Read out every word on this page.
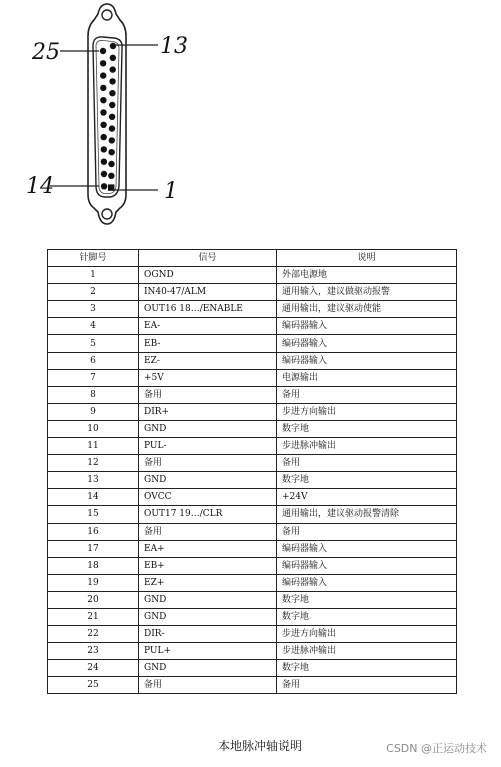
25	13
14	1
针脚号	信号	说明
1	OGND	外部电源地
2	IN40-47/ALM	通用输入，建议做驱动报警
3	OUT16 18…/ENABLE	通用输出，建议驱动使能
4	EA-	编码器输入
5	EB-	编码器输入
6	EZ-	编码器输入
7	+5V	电源输出
8	备用	备用
9	DIR+	步进方向输出
10	GND	数字地
11	PUL-	步进脉冲输出
12	备用	备用
13	GND	数字地
14	OVCC	+24V
15	OUT17 19…/CLR	通用输出，建议驱动报警清除
16	备用	备用
17	EA+	编码器输入
18	EB+	编码器输入
19	EZ+	编码器输入
20	GND	数字地
21	GND	数字地
22	DIR-	步进方向输出
23	PUL+	步进脉冲输出
24	GND	数字地
25	备用	备用
本地脉冲轴说明	CSDN @正运动技术
